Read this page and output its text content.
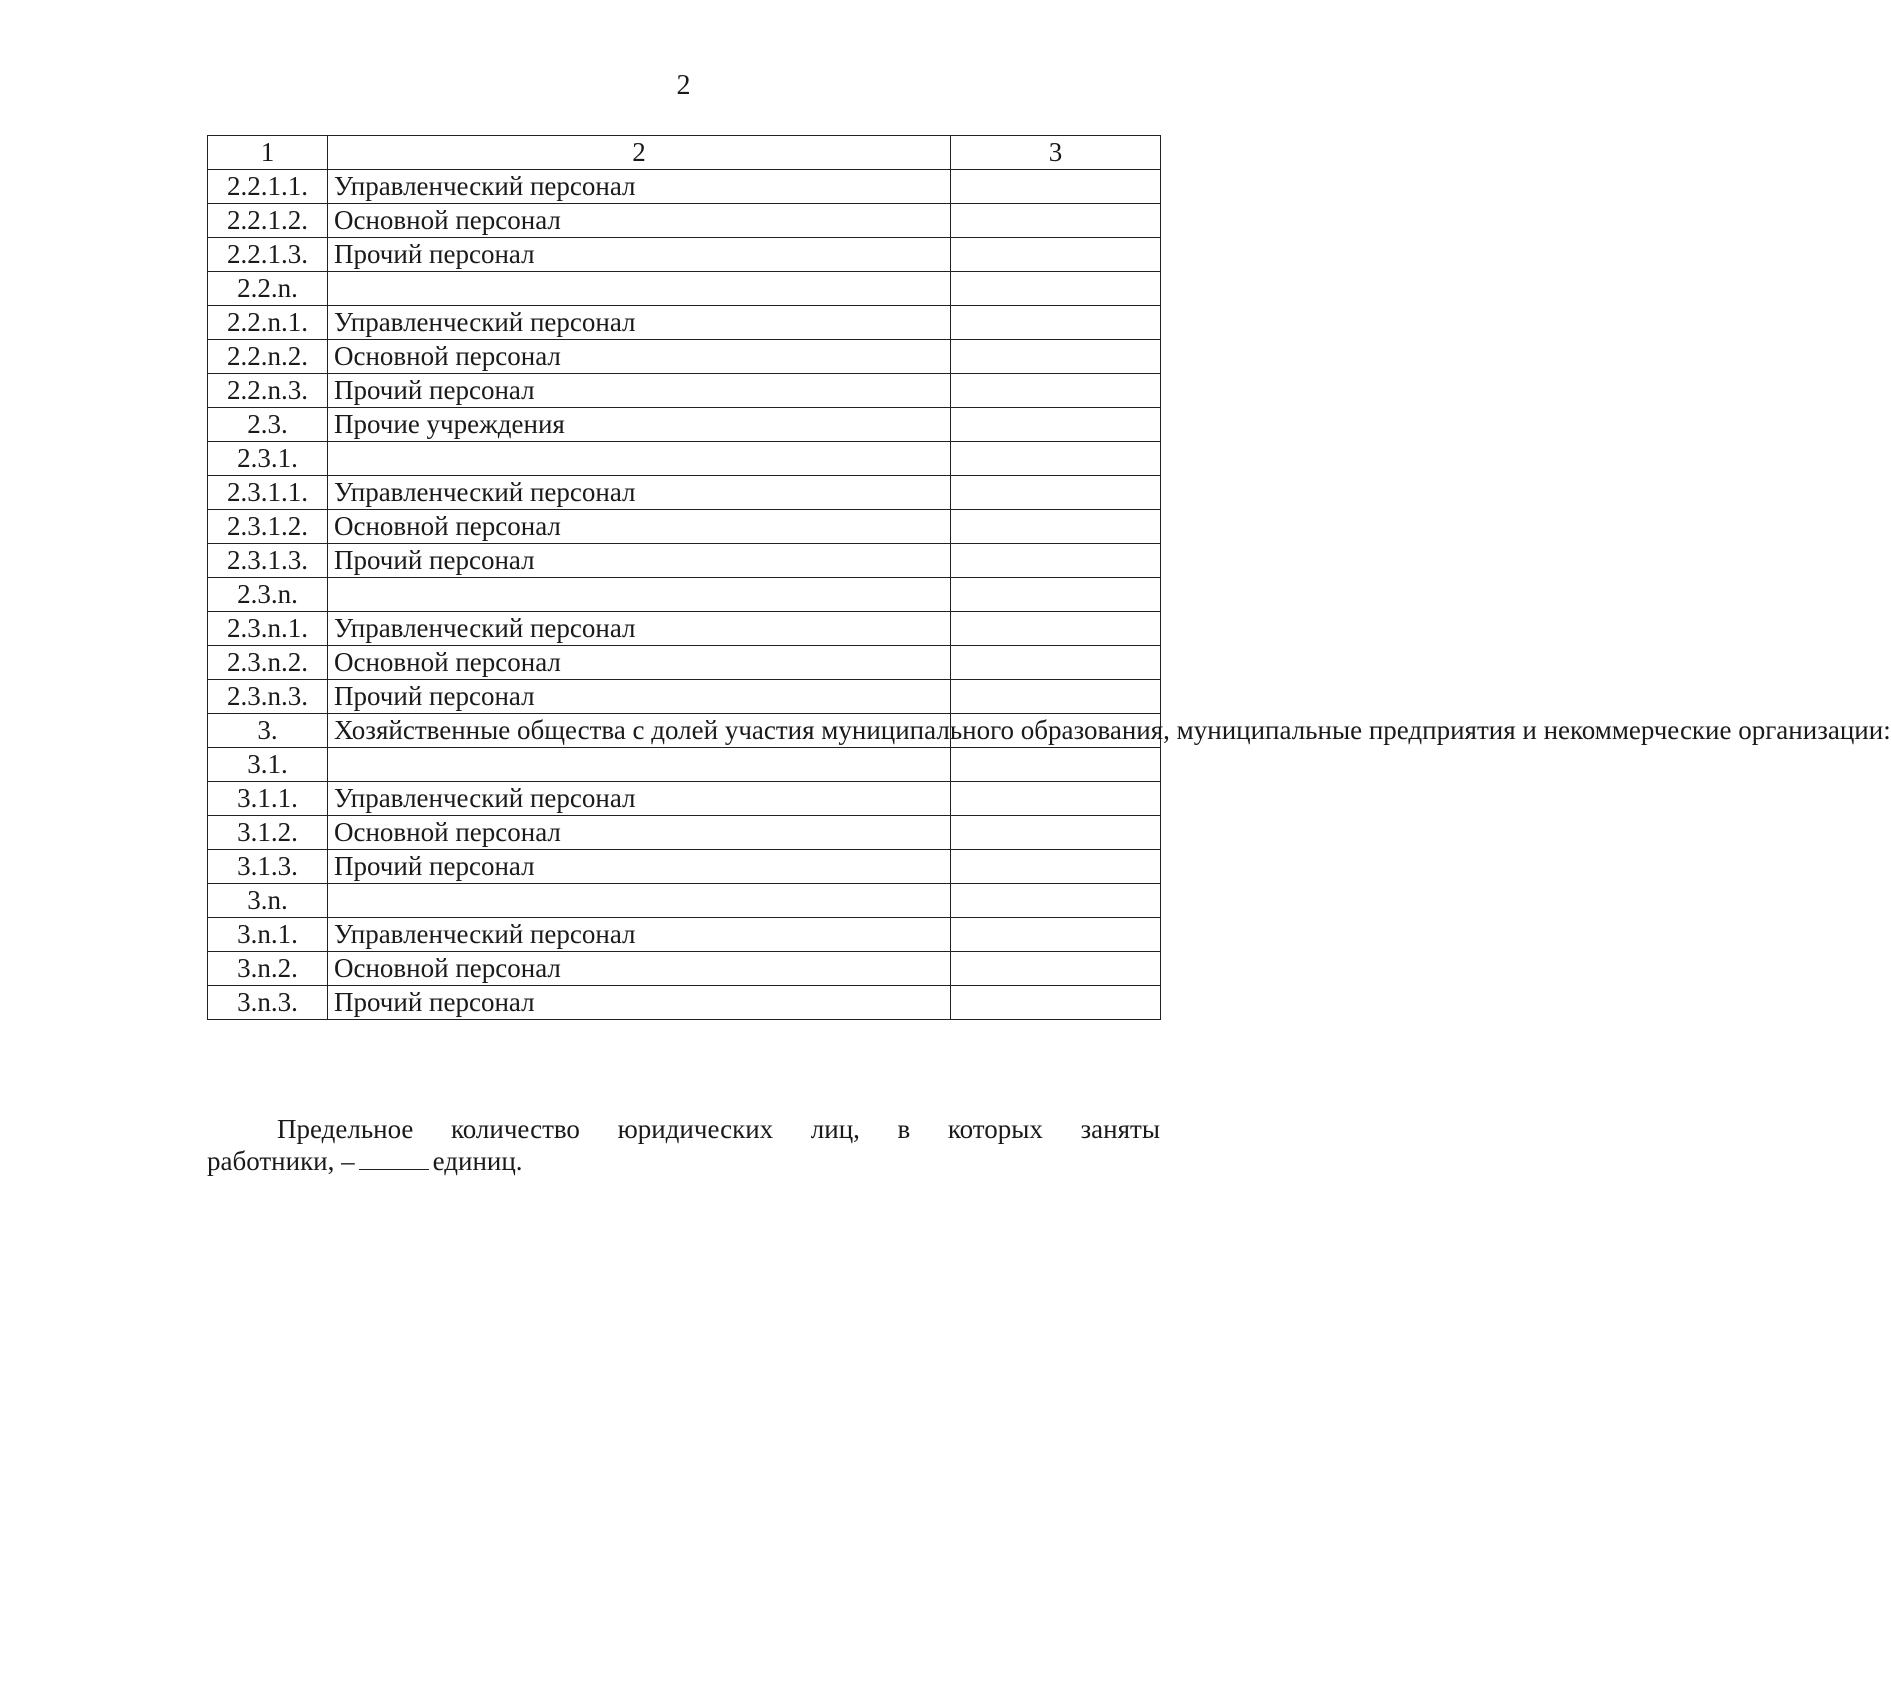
2
1	2	3
2.2.1.1.	Управленческий персонал	
2.2.1.2.	Основной персонал	
2.2.1.3.	Прочий персонал	
2.2.n.		
2.2.n.1.	Управленческий персонал	
2.2.n.2.	Основной персонал	
2.2.n.3.	Прочий персонал	
2.3.	Прочие учреждения	
2.3.1.		
2.3.1.1.	Управленческий персонал	
2.3.1.2.	Основной персонал	
2.3.1.3.	Прочий персонал	
2.3.n.		
2.3.n.1.	Управленческий персонал	
2.3.n.2.	Основной персонал	
2.3.n.3.	Прочий персонал	
3.	Хозяйственные общества с долей участия муниципального образования, муниципальные предприятия и некоммерческие организации:	
3.1.		
3.1.1.	Управленческий персонал	
3.1.2.	Основной персонал	
3.1.3.	Прочий персонал	
3.n.		
3.n.1.	Управленческий персонал	
3.n.2.	Основной персонал	
3.n.3.	Прочий персонал	
Предельное количество юридических лиц, в которых заняты
работники, –	единиц.
